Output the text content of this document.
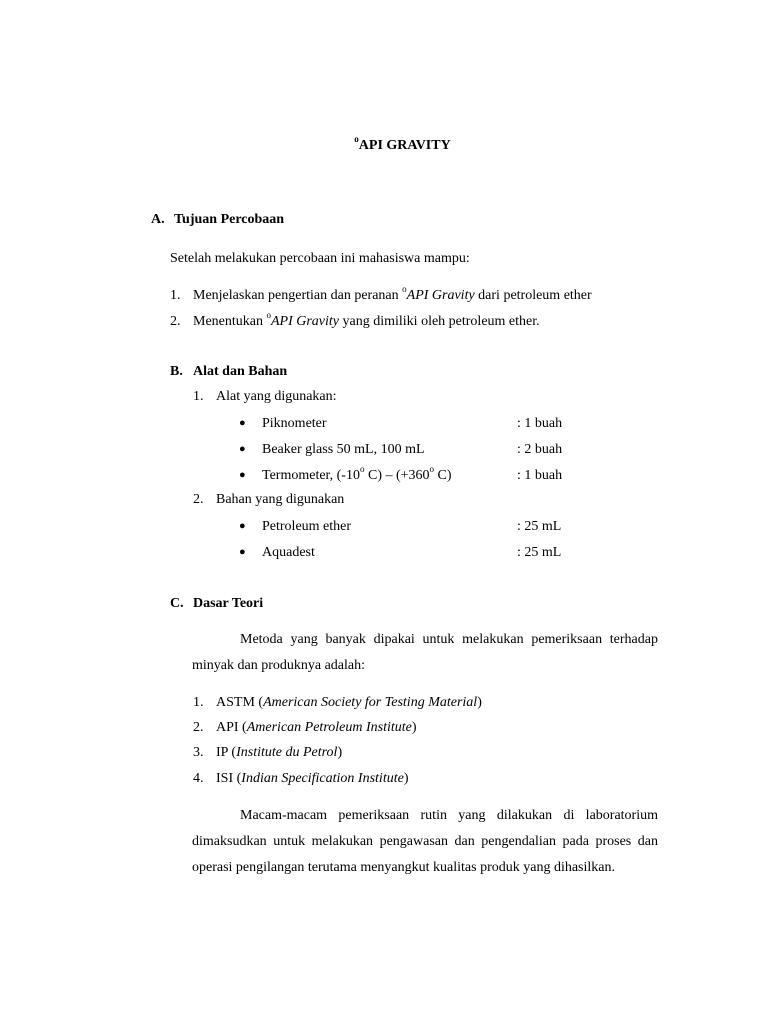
$^o$API GRAVITY
A. Tujuan Percobaan
Setelah melakukan percobaan ini mahasiswa mampu:
1. Menjelaskan pengertian dan peranan $^o$API Gravity dari petroleum ether
2. Menentukan $^o$API Gravity yang dimiliki oleh petroleum ether.
B. Alat dan Bahan
1. Alat yang digunakan:
● Piknometer	: 1 buah
● Beaker glass 50 mL, 100 mL	: 2 buah
● Termometer, (-10$^o$ $C) - (+360^o$ C)	: 1 buah
2. Bahan yang digunakan
● Petroleum ether	: 25 mL
● Aquadest	: 25 mL
C. Dasar Teori
Metoda yang banyak dipakai untuk melakukan pemeriksaan terhadap minyak dan produknya adalah:
1. ASTM (American Society for Testing Material)
2. API (American Petroleum Institute)
3. IP (Institute du Petrol)
4. ISI (Indian Specification Institute)
Macam-macam pemeriksaan rutin yang dilakukan di laboratorium dimaksudkan untuk melakukan pengawasan dan pengendalian pada proses dan operasi pengilangan terutama menyangkut kualitas produk yang dihasilkan.
